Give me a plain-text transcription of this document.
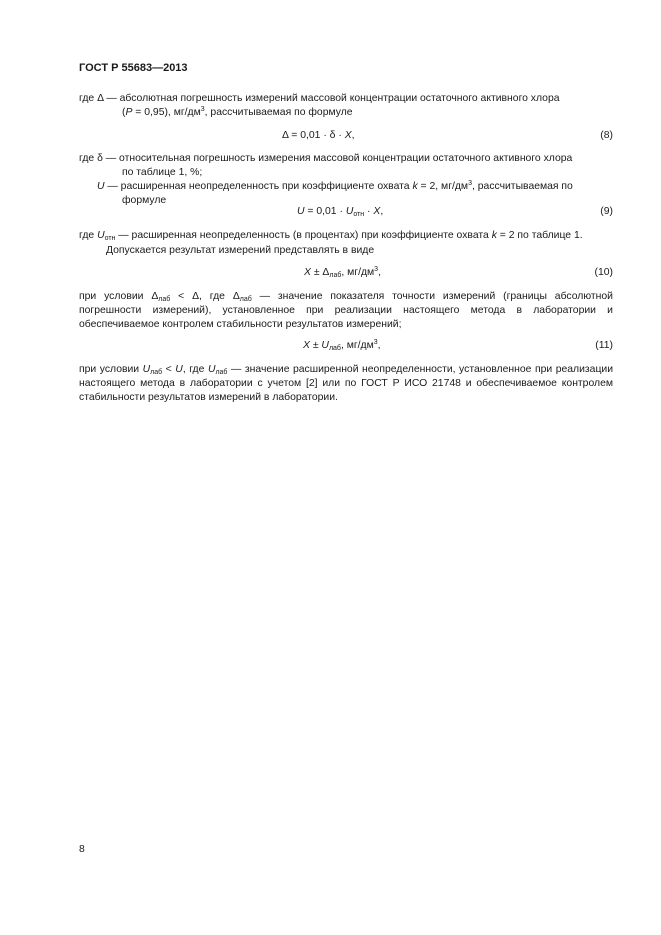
ГОСТ Р 55683—2013
где Δ — абсолютная погрешность измерений массовой концентрации остаточного активного хлора
(P = 0,95), $мг/дм^3$, рассчитываемая по формуле
Δ = 0,01 · δ · X,	(8)
где δ — относительная погрешность измерения массовой концентрации остаточного активного хлора
по таблице 1, %;
U — расширенная неопределенность при коэффициенте охвата k = 2, $мг/дм^3$, рассчитываемая по
формуле
$U = 0,01 \cdot U_{отн} \cdot X$,	(9)
где $U_{отн}$ — расширенная неопределенность (в процентах) при коэффициенте охвата k = 2 по таблице 1.
Допускается результат измерений представлять в виде
$X \pm \Delta_{лаб}$, $мг/дм^3$,	(10)
при условии $\Delta_{лаб} < \Delta$, где $\Delta_{лаб}$ — значение показателя точности измерений (границы абсолютной погрешности измерений), установленное при реализации настоящего метода в лаборатории и обеспечиваемое контролем стабильности результатов измерений;
$X \pm U_{лаб}$, $мг/дм^3$,	(11)
при условии $U_{лаб} < U$, где $U_{лаб}$ — значение расширенной неопределенности, установленное при реализации настоящего метода в лаборатории с учетом [2] или по ГОСТ Р ИСО 21748 и обеспечиваемое контролем стабильности результатов измерений в лаборатории.
8
